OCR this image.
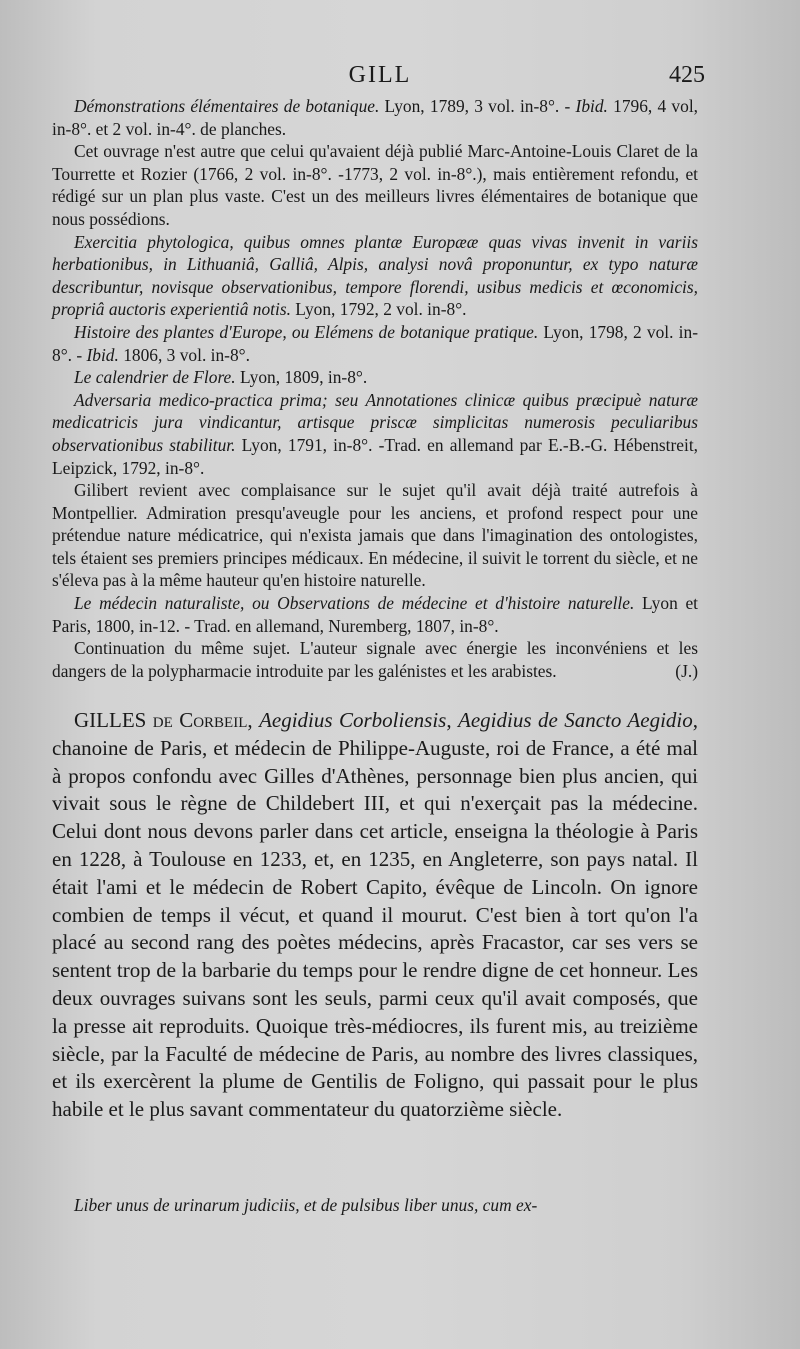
GILL	425

Démonstrations élémentaires de botanique. Lyon, 1789, 3 vol. in-8°. - Ibid. 1796, 4 vol, in-8°. et 2 vol. in-4°. de planches.

Cet ouvrage n'est autre que celui qu'avaient déjà publié Marc-Antoine-Louis Claret de la Tourrette et Rozier (1766, 2 vol. in-8°. -1773, 2 vol. in-8°.), mais entièrement refondu, et rédigé sur un plan plus vaste. C'est un des meilleurs livres élémentaires de botanique que nous possédions.

Exercitia phytologica, quibus omnes plantæ Europææ quas vivas invenit in variis herbationibus, in Lithuaniâ, Galliâ, Alpis, analysi novâ proponuntur, ex typo naturæ describuntur, novisque observationibus, tempore florendi, usibus medicis et œconomicis, propriâ auctoris experientiâ notis. Lyon, 1792, 2 vol. in-8°.

Histoire des plantes d'Europe, ou Elémens de botanique pratique. Lyon, 1798, 2 vol. in-8°. - Ibid. 1806, 3 vol. in-8°.

Le calendrier de Flore. Lyon, 1809, in-8°.

Adversaria medico-practica prima; seu Annotationes clinicæ quibus præcipuè naturæ medicatricis jura vindicantur, artisque priscæ simplicitas numerosis peculiaribus observationibus stabilitur. Lyon, 1791, in-8°. -Trad. en allemand par E.-B.-G. Hébenstreit, Leipzick, 1792, in-8°.

Gilibert revient avec complaisance sur le sujet qu'il avait déjà traité autrefois à Montpellier. Admiration presqu'aveugle pour les anciens, et profond respect pour une prétendue nature médicatrice, qui n'exista jamais que dans l'imagination des ontologistes, tels étaient ses premiers principes médicaux. En médecine, il suivit le torrent du siècle, et ne s'éleva pas à la même hauteur qu'en histoire naturelle.

Le médecin naturaliste, ou Observations de médecine et d'histoire naturelle. Lyon et Paris, 1800, in-12. - Trad. en allemand, Nuremberg, 1807, in-8°.

Continuation du même sujet. L'auteur signale avec énergie les inconvéniens et les dangers de la polypharmacie introduite par les galénistes et les arabistes.	(J.)

GILLES de Corbeil, Aegidius Corboliensis, Aegidius de Sancto Aegidio, chanoine de Paris, et médecin de Philippe-Auguste, roi de France, a été mal à propos confondu avec Gilles d'Athènes, personnage bien plus ancien, qui vivait sous le règne de Childebert III, et qui n'exerçait pas la médecine. Celui dont nous devons parler dans cet article, enseigna la théologie à Paris en 1228, à Toulouse en 1233, et, en 1235, en Angleterre, son pays natal. Il était l'ami et le médecin de Robert Capito, évêque de Lincoln. On ignore combien de temps il vécut, et quand il mourut. C'est bien à tort qu'on l'a placé au second rang des poètes médecins, après Fracastor, car ses vers se sentent trop de la barbarie du temps pour le rendre digne de cet honneur. Les deux ouvrages suivans sont les seuls, parmi ceux qu'il avait composés, que la presse ait reproduits. Quoique très-médiocres, ils furent mis, au treizième siècle, par la Faculté de médecine de Paris, au nombre des livres classiques, et ils exercèrent la plume de Gentilis de Foligno, qui passait pour le plus habile et le plus savant commentateur du quatorzième siècle.

Liber unus de urinarum judiciis, et de pulsibus liber unus, cum ex-
